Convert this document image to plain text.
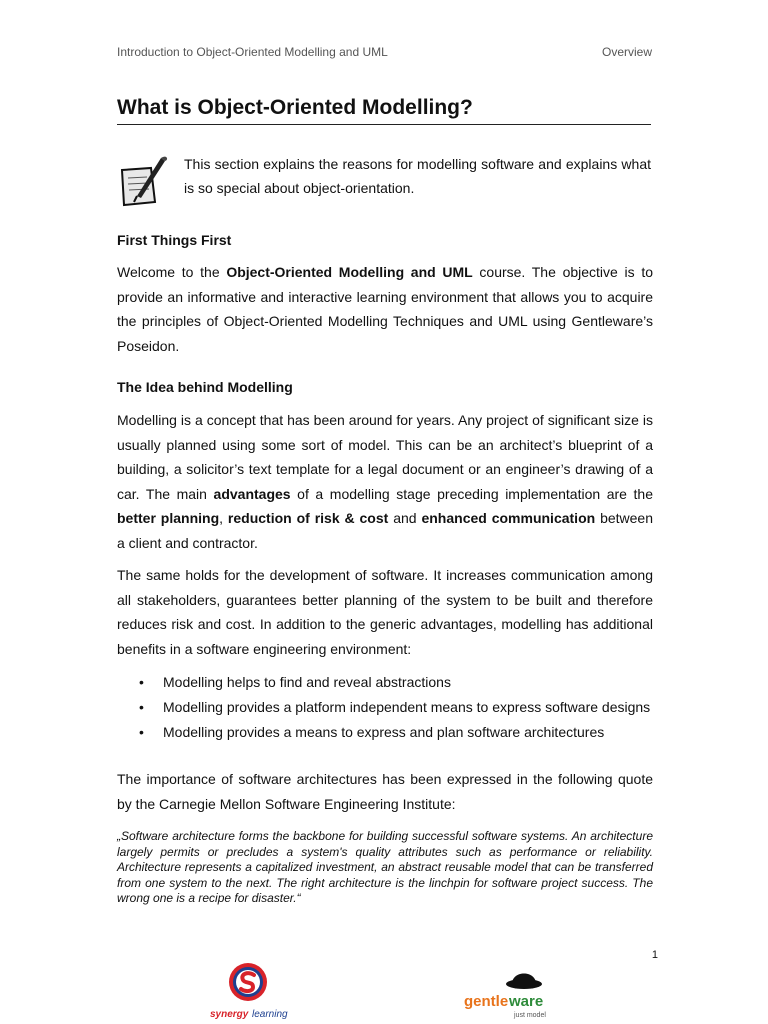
Introduction to Object-Oriented Modelling and UML	Overview
What is Object-Oriented Modelling?

This section explains the reasons for modelling software and explains what is so special about object-orientation.

First Things First

Welcome to the Object-Oriented Modelling and UML course. The objective is to provide an informative and interactive learning environment that allows you to acquire the principles of Object-Oriented Modelling Techniques and UML using Gentleware’s Poseidon.

The Idea behind Modelling

Modelling is a concept that has been around for years. Any project of significant size is usually planned using some sort of model. This can be an architect’s blueprint of a building, a solicitor’s text template for a legal document or an engineer’s drawing of a car. The main advantages of a modelling stage preceding implementation are the better planning, reduction of risk & cost and enhanced communication between a client and contractor.

The same holds for the development of software. It increases communication among all stakeholders, guarantees better planning of the system to be built and therefore reduces risk and cost. In addition to the generic advantages, modelling has additional benefits in a software engineering environment:

• Modelling helps to find and reveal abstractions
• Modelling provides a platform independent means to express software designs
• Modelling provides a means to express and plan software architectures

The importance of software architectures has been expressed in the following quote by the Carnegie Mellon Software Engineering Institute:

„Software architecture forms the backbone for building successful software systems. An architecture largely permits or precludes a system's quality attributes such as performance or reliability. Architecture represents a capitalized investment, an abstract reusable model that can be transferred from one system to the next. The right architecture is the linchpin for software project success. The wrong one is a recipe for disaster.“

1
synergy learning
gentle ware
just model
